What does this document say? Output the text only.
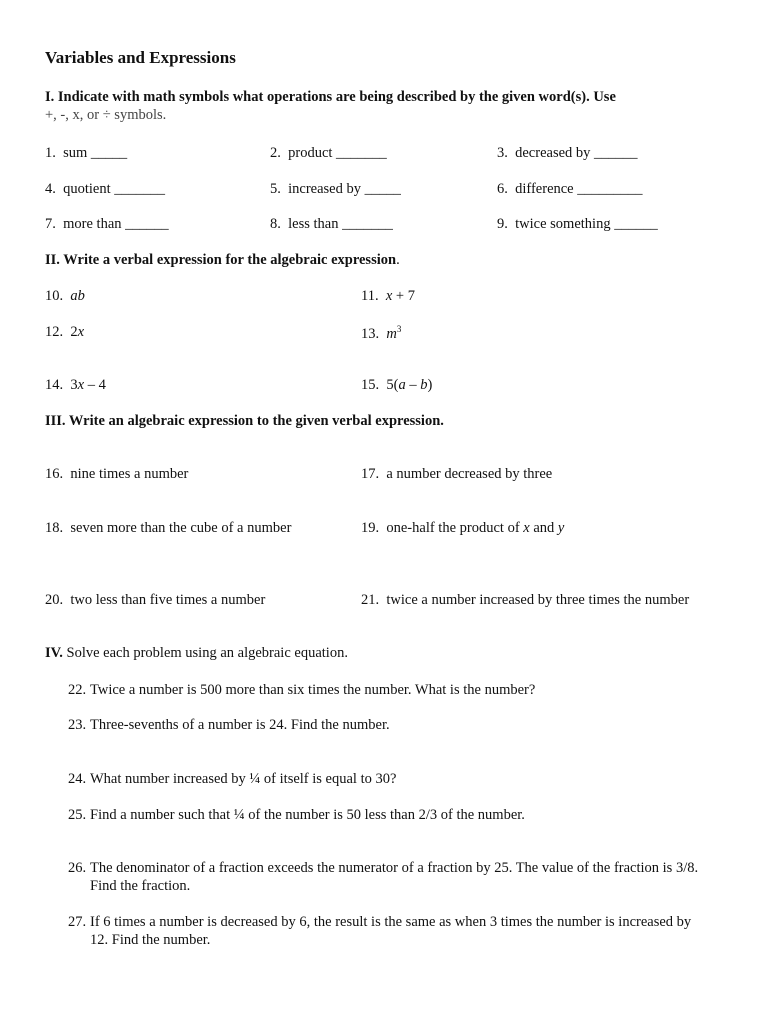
Variables and Expressions
I. Indicate with math symbols what operations are being described by the given word(s). Use
+, -, x, or ÷ symbols.
1. sum _____	2. product _______	3. decreased by ______
4. quotient _______	5. increased by _____	6. difference _________
7. more than ______	8. less than _______	9. twice something ______
II. Write a verbal expression for the algebraic expression.
10. ab	11. x + 7
12. 2x	13. $m^3$
14. 3x – 4	15. 5(a – b)
III. Write an algebraic expression to the given verbal expression.
16. nine times a number	17. a number decreased by three
18. seven more than the cube of a number	19. one-half the product of x and y
20. two less than five times a number	21. twice a number increased by three times the number
IV. Solve each problem using an algebraic equation.
22. Twice a number is 500 more than six times the number. What is the number?
23. Three-sevenths of a number is 24. Find the number.
24. What number increased by ¼ of itself is equal to 30?
25. Find a number such that ¼ of the number is 50 less than 2/3 of the number.
26. The denominator of a fraction exceeds the numerator of a fraction by 25. The value of the fraction is 3/8.
Find the fraction.
27. If 6 times a number is decreased by 6, the result is the same as when 3 times the number is increased by
12. Find the number.
